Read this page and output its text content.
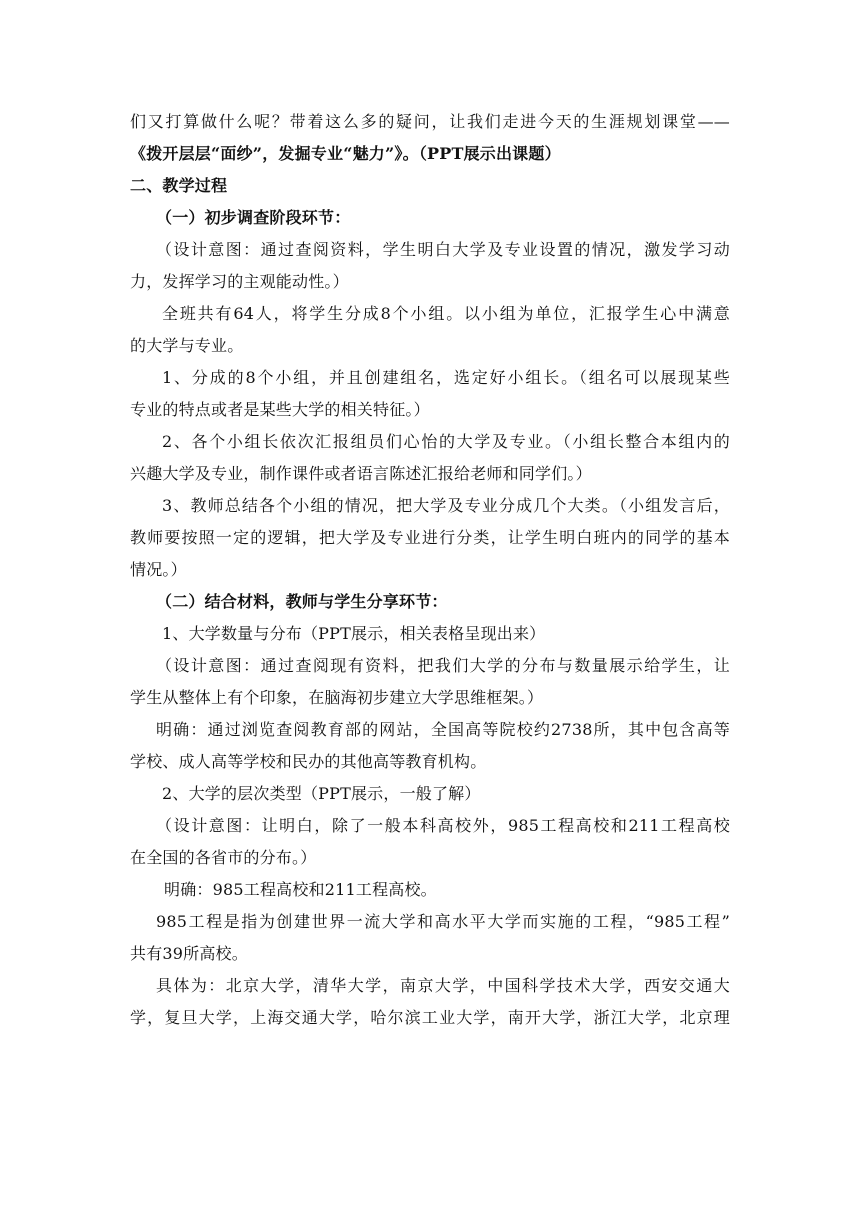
们又打算做什么呢？带着这么多的疑问，让我们走进今天的生涯规划课堂——

《拨开层层“面纱”，发掘专业“魅力”》。（PPT展示出课题）

二、教学过程

（一）初步调查阶段环节：

（设计意图：通过查阅资料，学生明白大学及专业设置的情况，激发学习动

力，发挥学习的主观能动性。）

全班共有64人，将学生分成8个小组。以小组为单位，汇报学生心中满意

的大学与专业。

1、分成的8个小组，并且创建组名，选定好小组长。（组名可以展现某些

专业的特点或者是某些大学的相关特征。）

2、各个小组长依次汇报组员们心怡的大学及专业。（小组长整合本组内的

兴趣大学及专业，制作课件或者语言陈述汇报给老师和同学们。）

3、教师总结各个小组的情况，把大学及专业分成几个大类。（小组发言后，

教师要按照一定的逻辑，把大学及专业进行分类，让学生明白班内的同学的基本

情况。）

（二）结合材料，教师与学生分享环节：

1、大学数量与分布（PPT展示，相关表格呈现出来）

（设计意图：通过查阅现有资料，把我们大学的分布与数量展示给学生，让

学生从整体上有个印象，在脑海初步建立大学思维框架。）

明确：通过浏览查阅教育部的网站，全国高等院校约2738所，其中包含高等

学校、成人高等学校和民办的其他高等教育机构。

2、大学的层次类型（PPT展示，一般了解）

（设计意图：让明白，除了一般本科高校外，985工程高校和211工程高校

在全国的各省市的分布。）

明确：985工程高校和211工程高校。

985工程是指为创建世界一流大学和高水平大学而实施的工程，“985工程”

共有39所高校。

具体为：北京大学，清华大学，南京大学，中国科学技术大学，西安交通大

学，复旦大学，上海交通大学，哈尔滨工业大学，南开大学，浙江大学，北京理
